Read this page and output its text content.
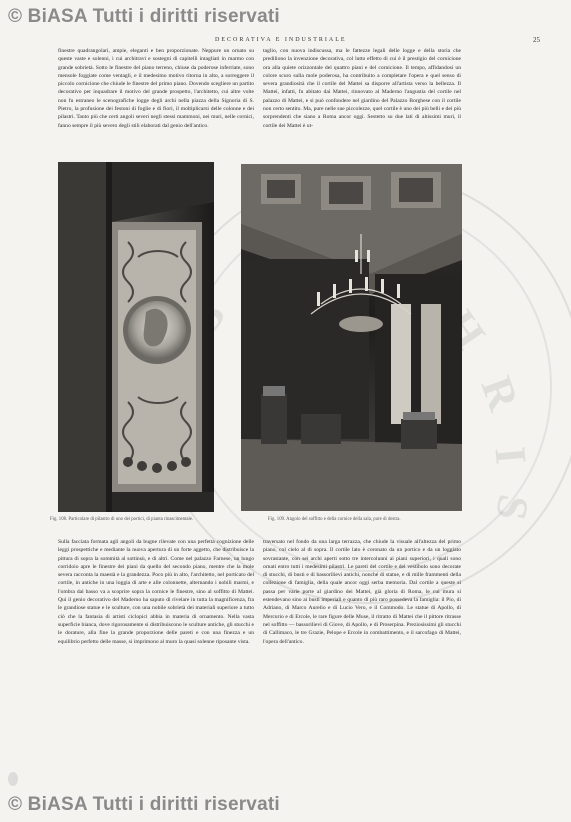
H
R
I
S
© BiASA Tutti i diritti riservati
DECORATIVA E INDUSTRIALE	25

finestre quadrangolari, ampie, eleganti e ben proporzionate. Neppure un ornato su queste vaste e solenni, i cui architravi e sostegni di capitelli intagliati in marmo con grande sobrietà. Sotto le finestre del piano terreno, chiuse da poderose inferriate, sono mensole foggiate come ventagli, e il medesimo motivo ritorna in alto, a sorreggere il piccolo cornicione che chiude le finestre del primo piano. Dovendo scegliere un partito decorativo per inquadrare il motivo del grande prospetto, l'architetto, cui altre volte non fu estraneo le scenografiche logge degli archi nella piazza della Signoria di S. Pietro, la profusione dei festoni di foglie e di fiori, il moltiplicarsi delle colonne e dei pilastri. Tanto più che certi angoli severi negli stessi mammoni, nei muri, nelle cornici, fanno sempre il più severo degli stili elaborati dal genio dell'antico.

taglio, con nuova indiscussa, ma le fattezze legali delle logge e della storia che prediliono la invenzione decorativa, col lutto effetto di cui è il prestigio del cornicione ora alla quiete orizzontale del quattro piani e del cornicione. Il tempo, affidandosi un colore scuro sulla mole poderosa, ha contribuito a completare l'opera e quel senso di severa grandiosità che il cortile del Mattei sa disporre all'artista verso la bellezza. Il Mattei, infatti, fu abitato dai Mattei, rinnovato al Maderno l'angustia del cortile nel palazzo di Mattei, e si può confondere nel giardino del Palazzo Borghese con il cortile non certo sentito. Ma, pure nelle sue piccolezze, quel cortile è uno dei più belli e dei più sorprendenti che siano a Roma ancor oggi. Sestetto su due lati di altissimi muri, il cortile dei Mattei è ut-

Fig. 108. Particolare di pilastro di uno dei portici, di pianta rinascimentale.	Fig. 109. Angolo del soffitto e della cornice della sala, pure di destra.

Sulla facciata formata agli angoli da bugne rilevate con una perfetta cognizione delle leggi prospettiche e mediante la nuova apertura di un forte aggetto, che distribuisce la pittura di sopra la sommità al sottinsù, e di altri. Come nel palazzo Farnese, un lungo corridoio apre le finestre dei piani da quello del secondo piano, mentre che la mole severa racconta la maestà e la grandezza. Poco più in alto, l'architetto, nel porticato del cortile, in antiche in una loggia di arte e alle colonnette, alternando i nobili marmi, e l'ombra dal basso va a scoprire sopra la cornice le finestre, sino al soffitto di Mattei. Qui il genio decorativo del Maderno ha saputo di rivelare in tutta la magnificenza, fra le grandiose statue e le sculture, con una nobile sobrietà dei materiali superiore a tutto ciò che la fantasia di artisti ciclopici abbia in materia di ornamento. Nella vasta superficie bianca, dove rigorosamente si distribuiscono le sculture antiche, gli stucchi e le dorature, alla fine la grande proporzione delle pareti e con una finezza e un equilibrio perfetto delle masse, si imprimono al muro la quasi solenne riposante vista.

traversato nel fondo da una larga terrazza, che chiude la visuale all'altezza del primo piano, col cielo al di sopra. Il cortile lato è coronato da un portico e da un loggiato sovrastante, con sei archi aperti sotto tre intercolunni ai piani superiori, i quali sono ornati entro tutti i medesimi pilastri. Le pareti del cortile e del vestibolo sono decorate di stucchi, di busti e di bassorilievi antichi, nonché di statue, e di mille frammenti della collezione di famiglia, della quale ancor oggi serba memoria. Dal cortile a queste si passa per varie porte al giardino dei Mattei, già gloria di Roma, le cui mura si estendevano sino ai busti imperiali e quanto di più raro possedeva la famiglia: il Pio, di Adriano, di Marco Aurelio e di Lucio Vero, e il Commodo. Le statue di Apollo, di Mercurio e di Ercole, le rare figure delle Muse, il ritratto di Mattei che il pittore ritrasse nel soffitto — bassorilievi di Giove, di Apollo, e di Proserpina. Preziosissimi gli stucchi di Callimaco, le tre Grazie, Pelope e Ercole in combattimento, e il sarcofago di Mattei, l'opera dell'antico.

© BiASA Tutti i diritti riservati
